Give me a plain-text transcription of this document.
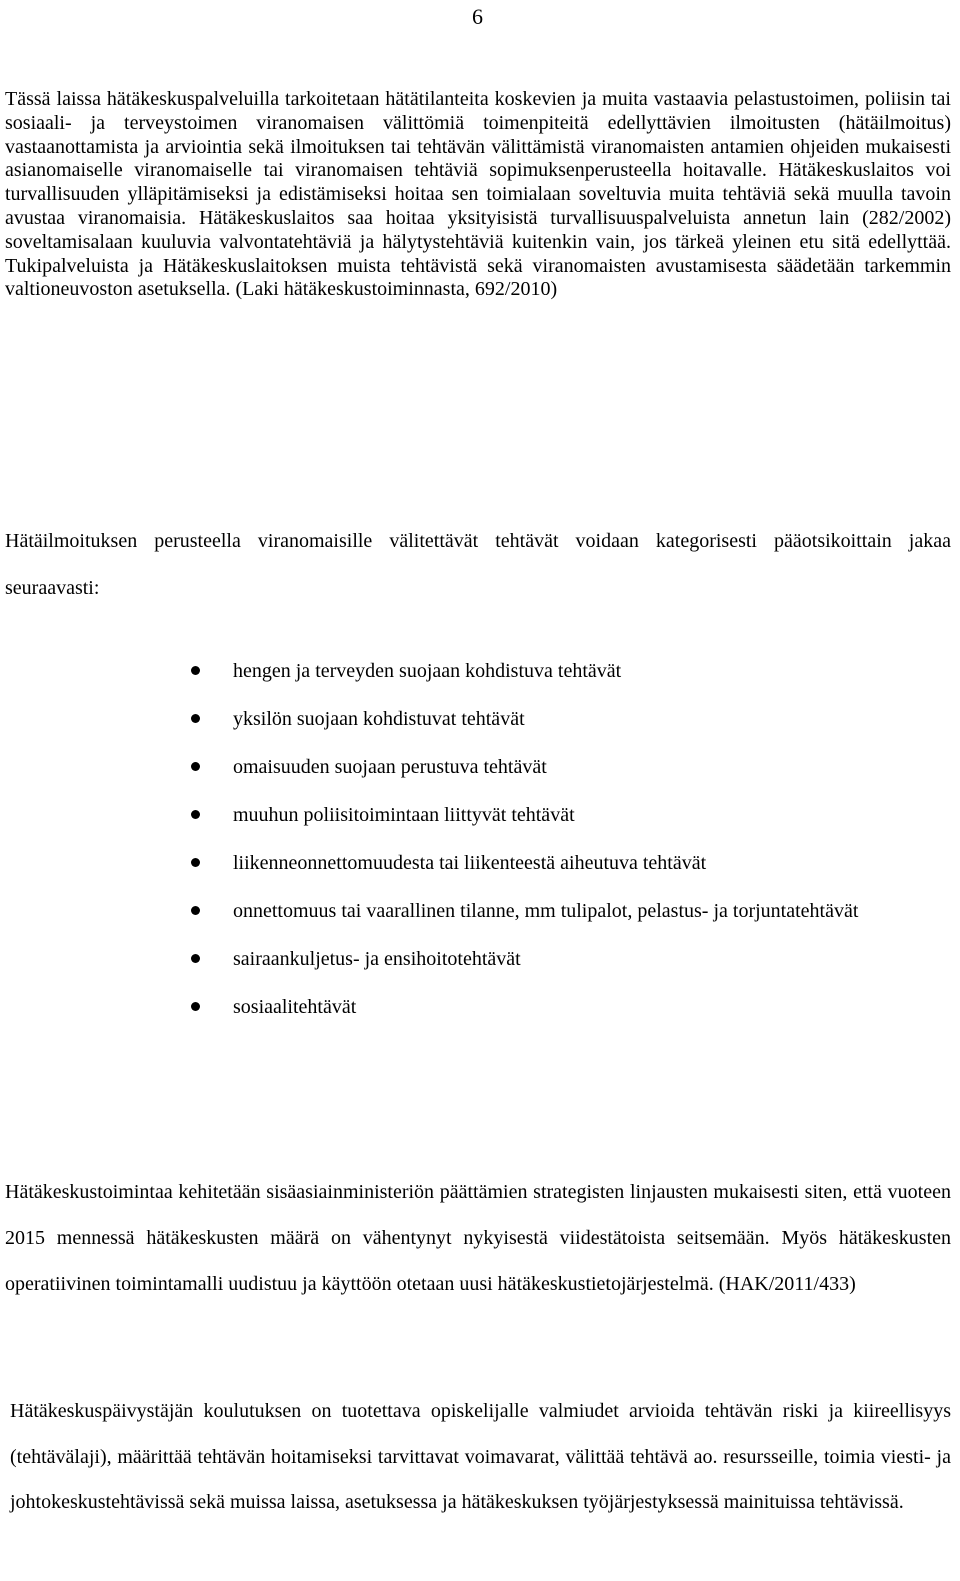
6

Tässä laissa hätäkeskuspalveluilla tarkoitetaan hätätilanteita koskevien ja muita vastaavia pelastustoimen, poliisin tai sosiaali- ja terveystoimen viranomaisen välittömiä toimenpiteitä edellyttävien ilmoitusten (hätäilmoitus) vastaanottamista ja arviointia sekä ilmoituksen tai tehtävän välittämistä viranomaisten antamien ohjeiden mukaisesti asianomaiselle viranomaiselle tai viranomaisen tehtäviä sopimuksenperusteella hoitavalle. Hätäkeskuslaitos voi turvallisuuden ylläpitämiseksi ja edistämiseksi hoitaa sen toimialaan soveltuvia muita tehtäviä sekä muulla tavoin avustaa viranomaisia. Hätäkeskuslaitos saa hoitaa yksityisistä turvallisuuspalveluista annetun lain (282/2002) soveltamisalaan kuuluvia valvontatehtäviä ja hälytystehtäviä kuitenkin vain, jos tärkeä yleinen etu sitä edellyttää. Tukipalveluista ja Hätäkeskuslaitoksen muista tehtävistä sekä viranomaisten avustamisesta säädetään tarkemmin valtioneuvoston asetuksella. (Laki hätäkeskustoiminnasta, 692/2010)

Hätäilmoituksen perusteella viranomaisille välitettävät tehtävät voidaan kategorisesti pääotsikoittain jakaa seuraavasti:

hengen ja terveyden suojaan kohdistuva tehtävät
yksilön suojaan kohdistuvat tehtävät
omaisuuden suojaan perustuva tehtävät
muuhun poliisitoimintaan liittyvät tehtävät
liikenneonnettomuudesta tai liikenteestä aiheutuva tehtävät
onnettomuus tai vaarallinen tilanne, mm tulipalot, pelastus- ja torjuntatehtävät
sairaankuljetus- ja ensihoitotehtävät
sosiaalitehtävät

Hätäkeskustoimintaa kehitetään sisäasiainministeriön päättämien strategisten linjausten mukaisesti siten, että vuoteen 2015 mennessä hätäkeskusten määrä on vähentynyt nykyisestä viidestätoista seitsemään. Myös hätäkeskusten operatiivinen toimintamalli uudistuu ja käyttöön otetaan uusi hätäkeskustietojärjestelmä. (HAK/2011/433)

Hätäkeskuspäivystäjän koulutuksen on tuotettava opiskelijalle valmiudet arvioida tehtävän riski ja kiireellisyys (tehtävälaji), määrittää tehtävän hoitamiseksi tarvittavat voimavarat, välittää tehtävä ao. resursseille, toimia viesti- ja johtokeskustehtävissä sekä muissa laissa, asetuksessa ja hätäkeskuksen työjärjestyksessä mainituissa tehtävissä.
